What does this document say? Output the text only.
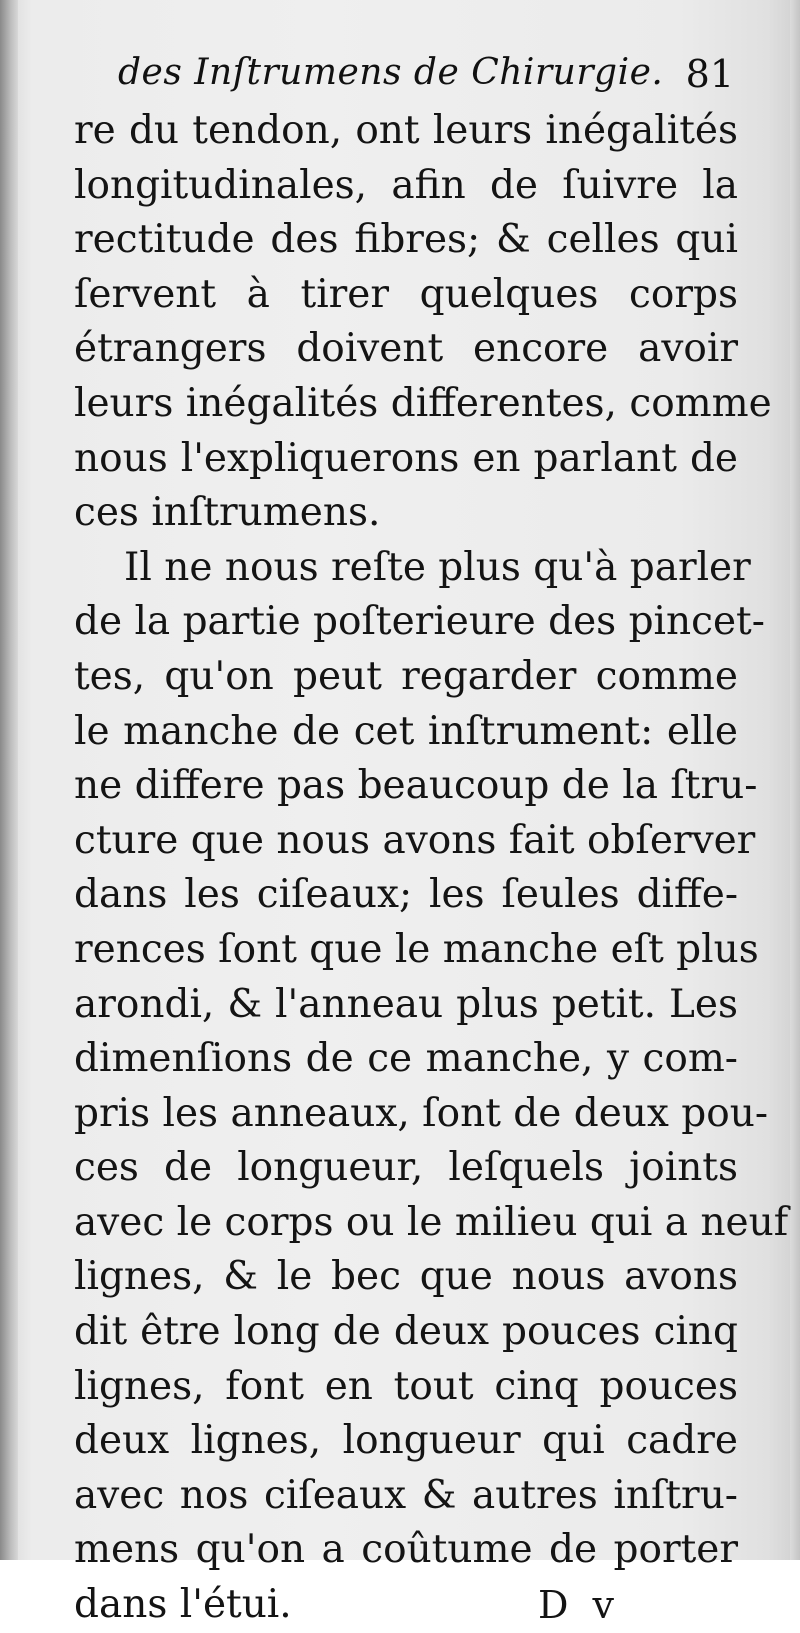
des Inſtrumens de Chirurgie. 81
re du tendon, ont leurs inégalités
longitudinales, afin de ſuivre la
rectitude des fibres; & celles qui
ſervent à tirer quelques corps
étrangers doivent encore avoir
leurs inégalités differentes, comme
nous l'expliquerons en parlant de
ces inſtrumens.
Il ne nous reſte plus qu'à parler
de la partie poſterieure des pincet-
tes, qu'on peut regarder comme
le manche de cet inſtrument: elle
ne differe pas beaucoup de la ſtru-
cture que nous avons fait obſerver
dans les ciſeaux; les ſeules diffe-
rences ſont que le manche eſt plus
arondi, & l'anneau plus petit. Les
dimenſions de ce manche, y com-
pris les anneaux, ſont de deux pou-
ces de longueur, leſquels joints
avec le corps ou le milieu qui a neuf
lignes, & le bec que nous avons
dit être long de deux pouces cinq
lignes, font en tout cinq pouces
deux lignes, longueur qui cadre
avec nos ciſeaux & autres inſtru-
mens qu'on a coûtume de porter
dans l'étui.	D v
